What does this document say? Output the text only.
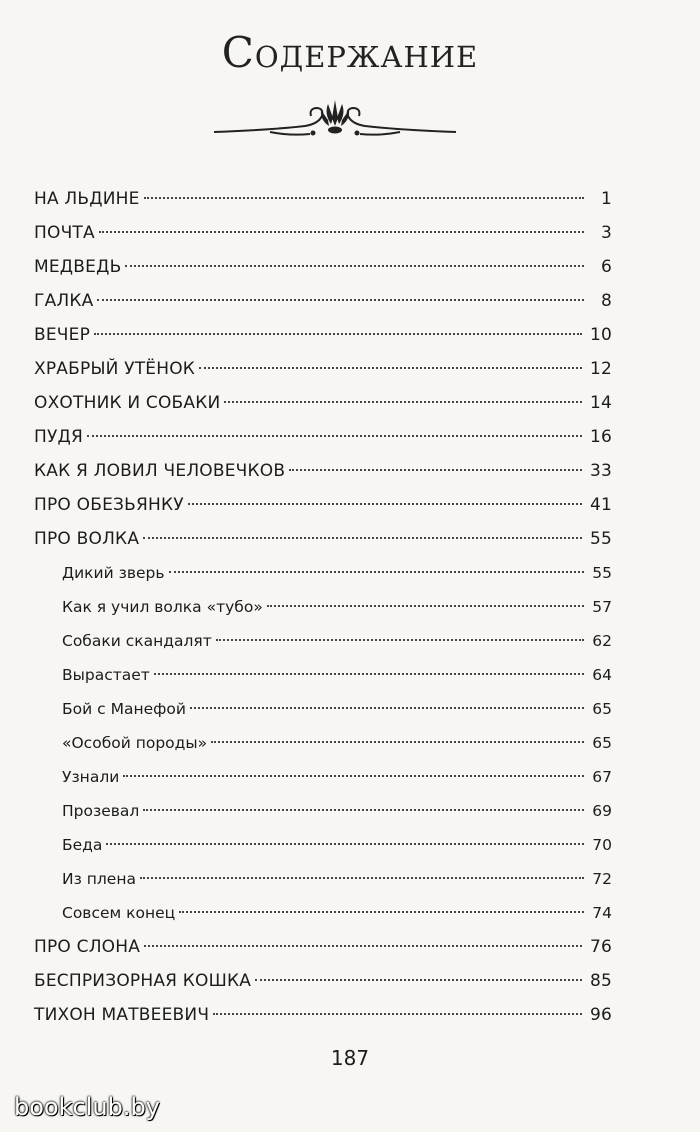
Содержание
НА ЛЬДИНЕ	1
ПОЧТА	3
МЕДВЕДЬ	6
ГАЛКА	8
ВЕЧЕР	10
ХРАБРЫЙ УТЁНОК	12
ОХОТНИК И СОБАКИ	14
ПУДЯ	16
КАК Я ЛОВИЛ ЧЕЛОВЕЧКОВ	33
ПРО ОБЕЗЬЯНКУ	41
ПРО ВОЛКА	55
Дикий зверь	55
Как я учил волка «тубо»	57
Собаки скандалят	62
Вырастает	64
Бой с Манефой	65
«Особой породы»	65
Узнали	67
Прозевал	69
Беда	70
Из плена	72
Совсем конец	74
ПРО СЛОНА	76
БЕСПРИЗОРНАЯ КОШКА	85
ТИХОН МАТВЕЕВИЧ	96
187
bookclub.by
